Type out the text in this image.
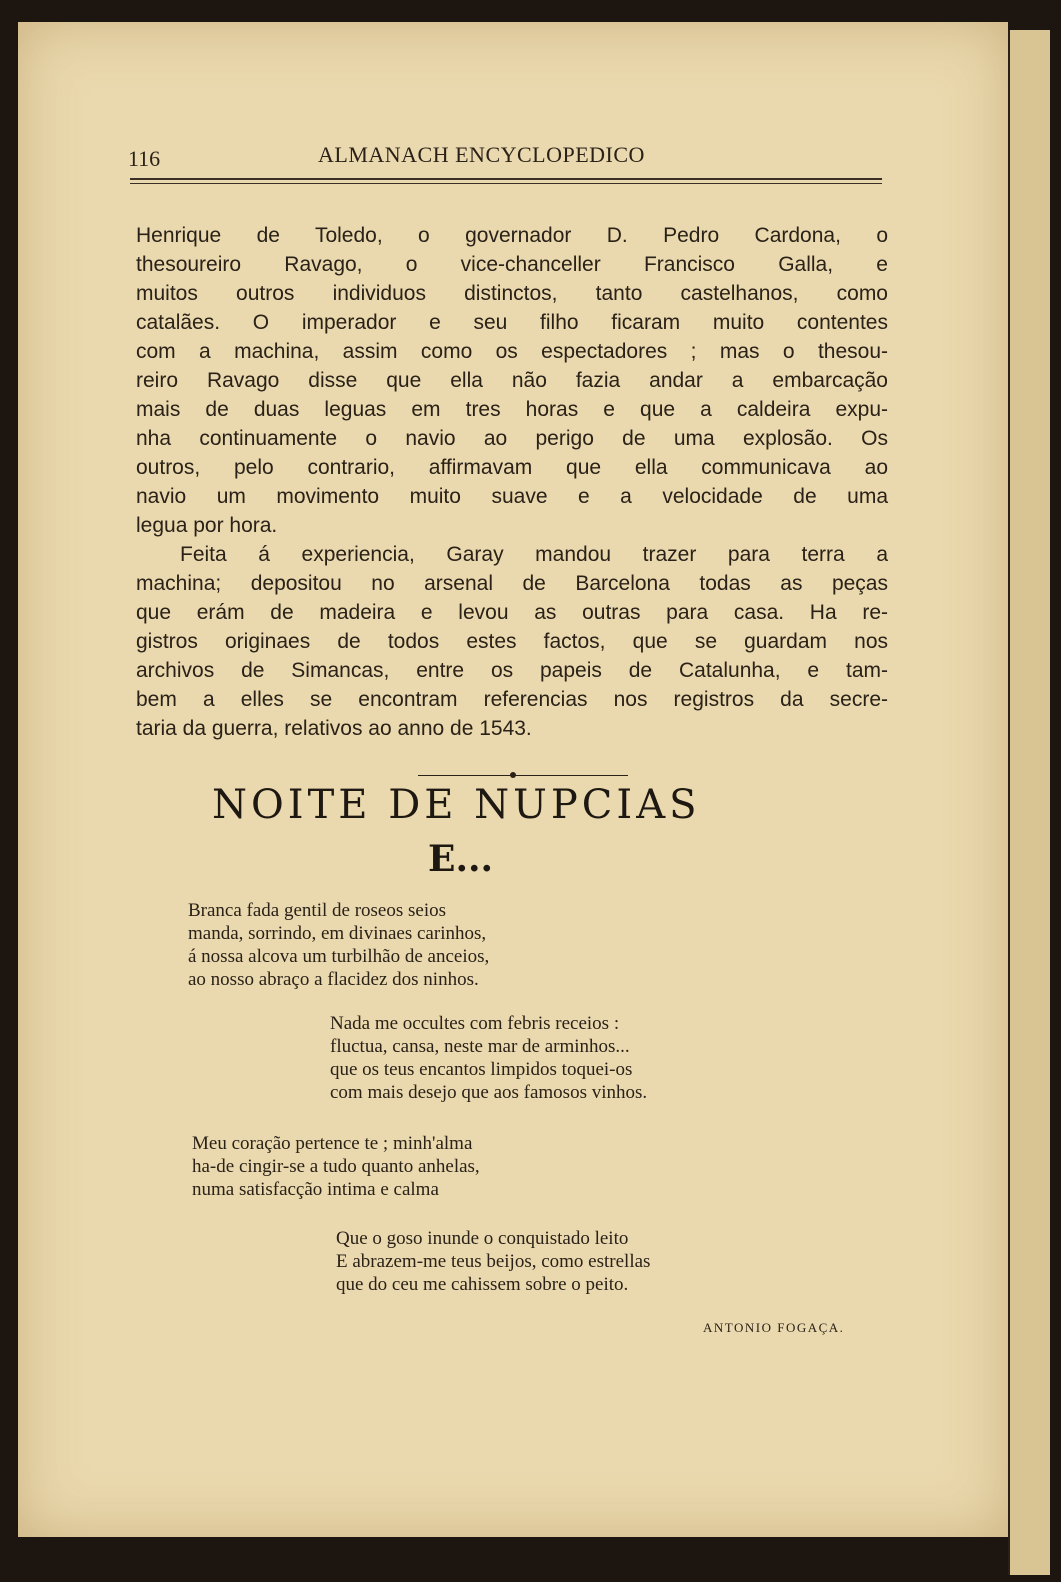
116	ALMANACH ENCYCLOPEDICO
Henrique de Toledo, o governador D. Pedro Cardona, o
thesoureiro Ravago, o vice-chanceller Francisco Galla, e
muitos outros individuos distinctos, tanto castelhanos, como
catalães. O imperador e seu filho ficaram muito contentes
com a machina, assim como os espectadores ; mas o thesou-
reiro Ravago disse que ella não fazia andar a embarcação
mais de duas leguas em tres horas e que a caldeira expu-
nha continuamente o navio ao perigo de uma explosão. Os
outros, pelo contrario, affirmavam que ella communicava ao
navio um movimento muito suave e a velocidade de uma
legua por hora.
Feita á experiencia, Garay mandou trazer para terra a
machina; depositou no arsenal de Barcelona todas as peças
que erám de madeira e levou as outras para casa. Ha re-
gistros originaes de todos estes factos, que se guardam nos
archivos de Simancas, entre os papeis de Catalunha, e tam-
bem a elles se encontram referencias nos registros da secre-
taria da guerra, relativos ao anno de 1543.
NOITE DE NUPCIAS
E...
Branca fada gentil de roseos seios
manda, sorrindo, em divinaes carinhos,
á nossa alcova um turbilhão de anceios,
ao nosso abraço a flacidez dos ninhos.
Nada me occultes com febris receios :
fluctua, cansa, neste mar de arminhos...
que os teus encantos limpidos toquei-os
com mais desejo que aos famosos vinhos.
Meu coração pertence te ; minh'alma
ha-de cingir-se a tudo quanto anhelas,
numa satisfacção intima e calma
Que o goso inunde o conquistado leito
E abrazem-me teus beijos, como estrellas
que do ceu me cahissem sobre o peito.
ANTONIO FOGAÇA.
